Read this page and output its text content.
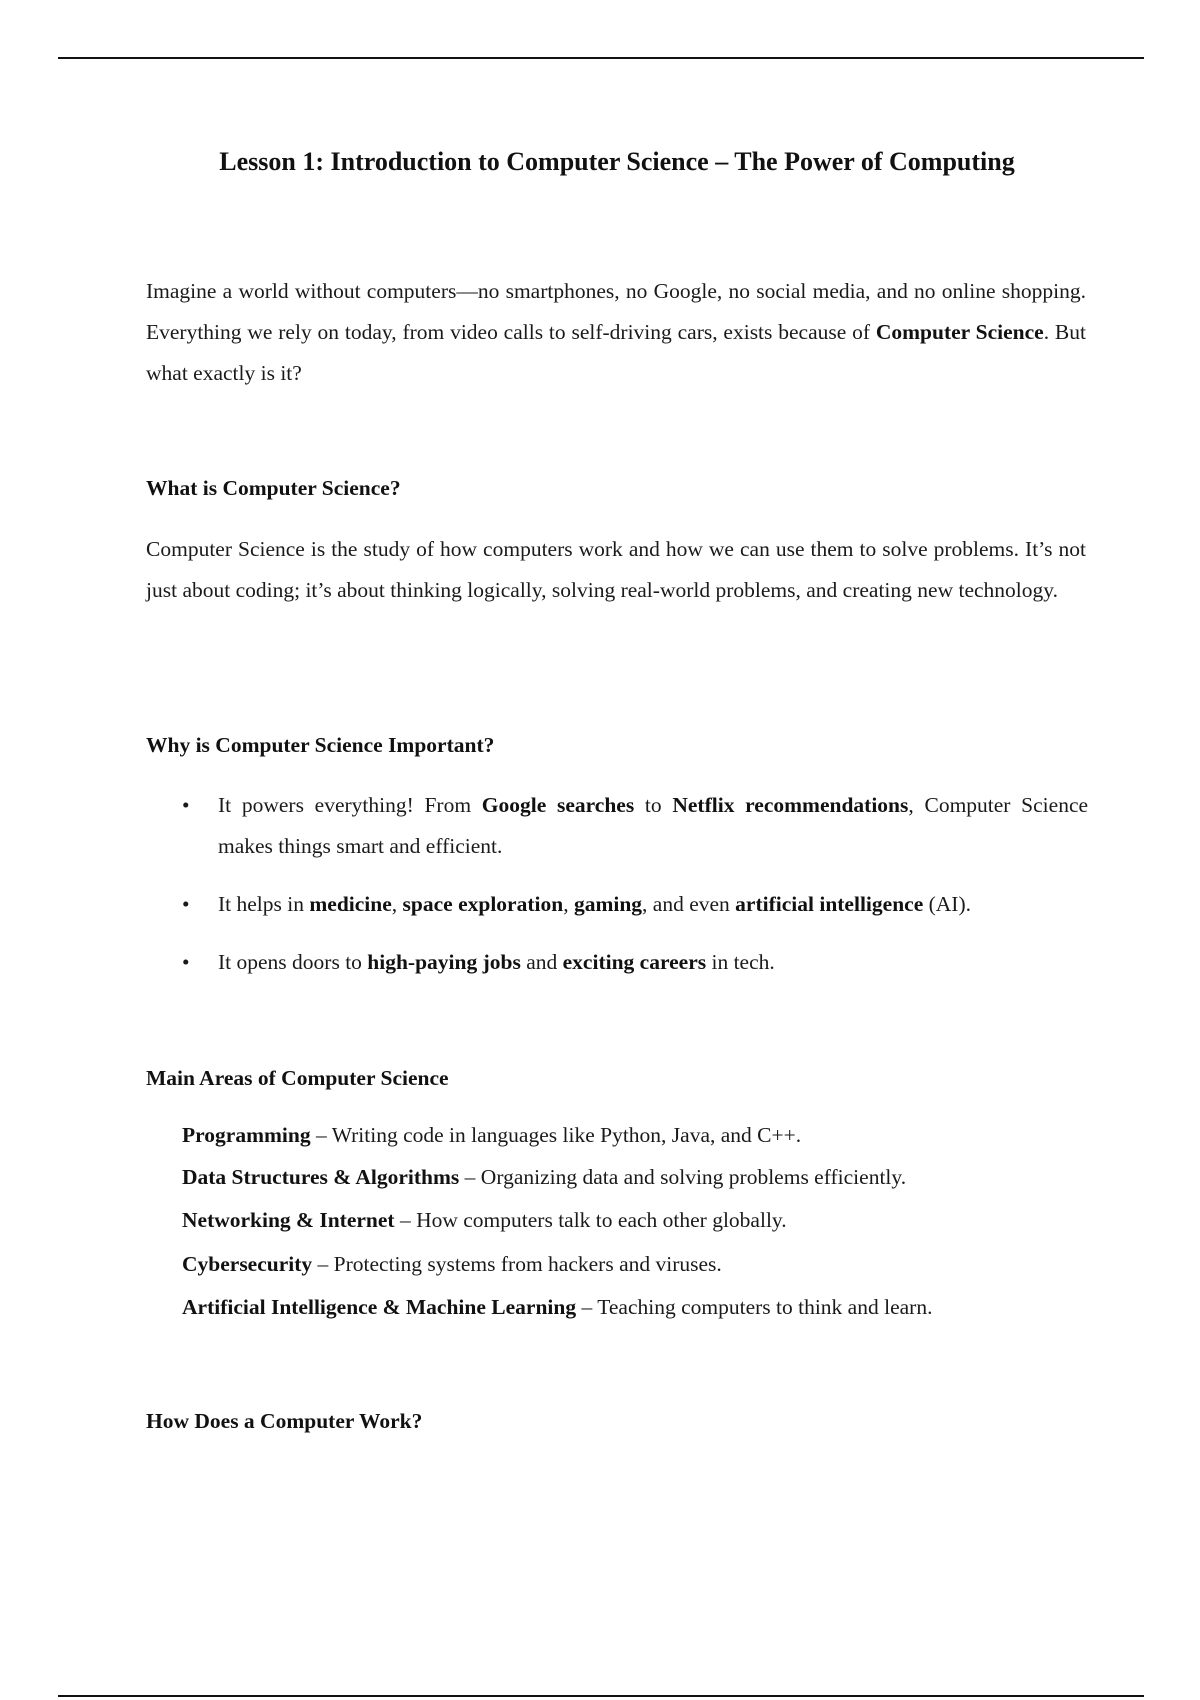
Lesson 1: Introduction to Computer Science – The Power of Computing

Imagine a world without computers—no smartphones, no Google, no social media, and no online shopping. Everything we rely on today, from video calls to self-driving cars, exists because of Computer Science. But what exactly is it?

What is Computer Science?

Computer Science is the study of how computers work and how we can use them to solve problems. It’s not just about coding; it’s about thinking logically, solving real-world problems, and creating new technology.

Why is Computer Science Important?
•	It powers everything! From Google searches to Netflix recommendations, Computer Science makes things smart and efficient.
•	It helps in medicine, space exploration, gaming, and even artificial intelligence (AI).
•	It opens doors to high-paying jobs and exciting careers in tech.
Main Areas of Computer Science
Programming – Writing code in languages like Python, Java, and C++.
Data Structures & Algorithms – Organizing data and solving problems efficiently.
Networking & Internet – How computers talk to each other globally.
Cybersecurity – Protecting systems from hackers and viruses.
Artificial Intelligence & Machine Learning – Teaching computers to think and learn.
How Does a Computer Work?
